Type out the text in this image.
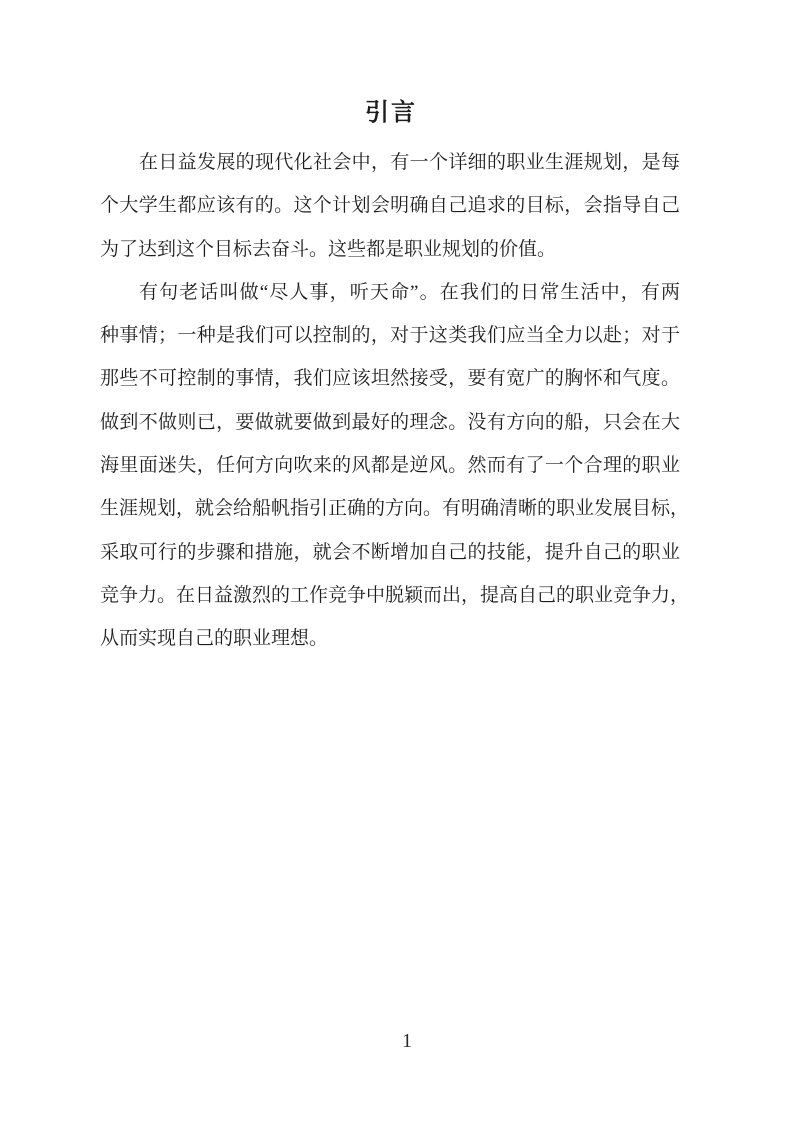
引言
在日益发展的现代化社会中，有一个详细的职业生涯规划，是每
个大学生都应该有的。这个计划会明确自己追求的目标，会指导自己
为了达到这个目标去奋斗。这些都是职业规划的价值。
有句老话叫做“尽人事，听天命”。在我们的日常生活中，有两
种事情；一种是我们可以控制的，对于这类我们应当全力以赴；对于
那些不可控制的事情，我们应该坦然接受，要有宽广的胸怀和气度。
做到不做则已，要做就要做到最好的理念。没有方向的船，只会在大
海里面迷失，任何方向吹来的风都是逆风。然而有了一个合理的职业
生涯规划，就会给船帆指引正确的方向。有明确清晰的职业发展目标，
采取可行的步骤和措施，就会不断增加自己的技能，提升自己的职业
竞争力。在日益激烈的工作竞争中脱颖而出，提高自己的职业竞争力，
从而实现自己的职业理想。
1
